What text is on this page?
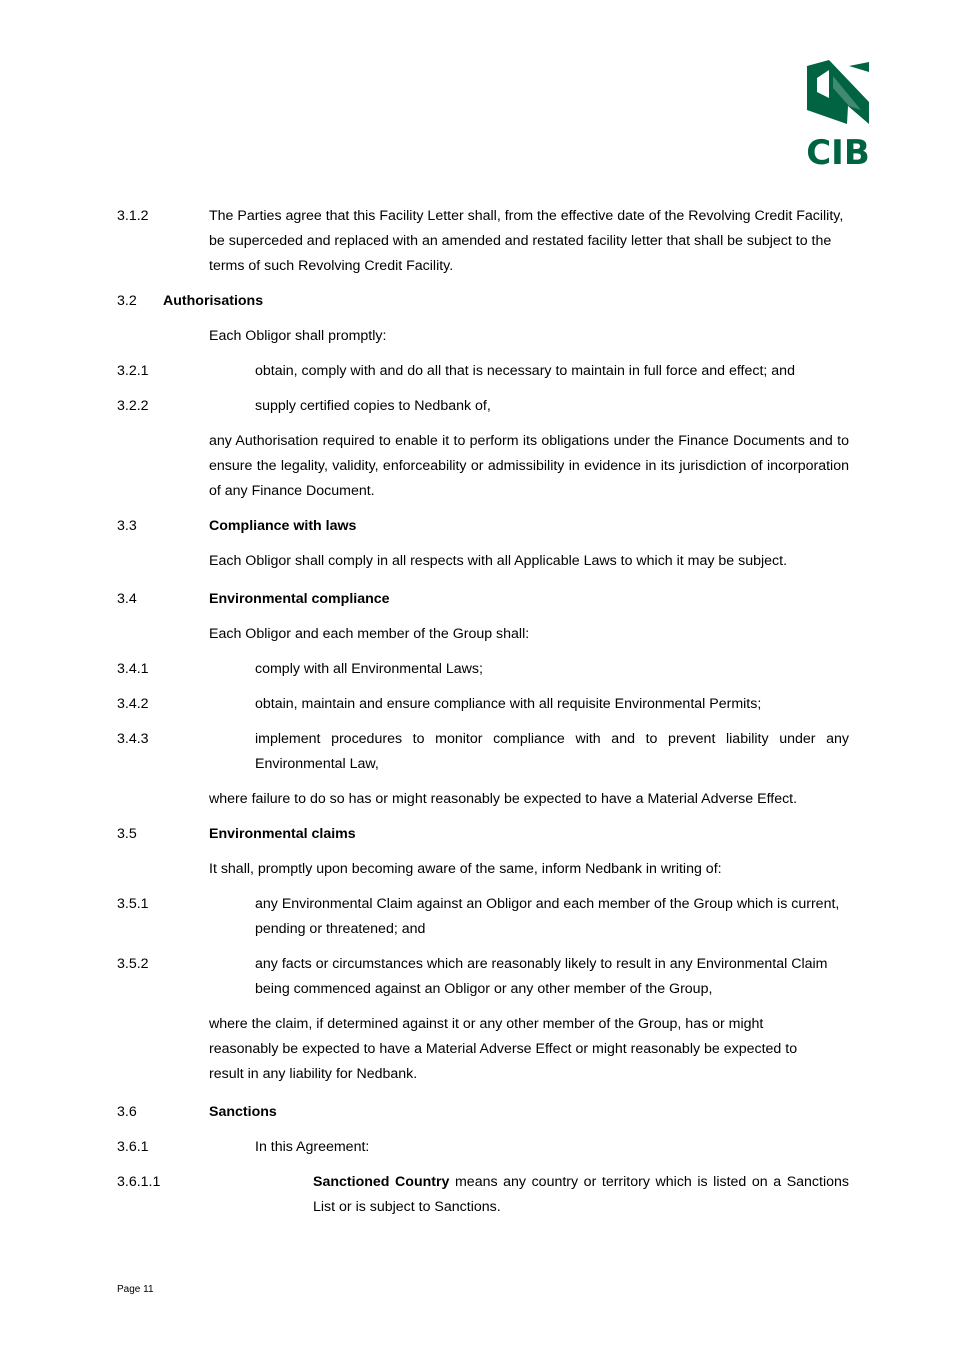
CIB
3.1.2	The Parties agree that this Facility Letter shall, from the effective date of the Revolving Credit Facility, be superceded and replaced with an amended and restated facility letter that shall be subject to the terms of such Revolving Credit Facility.
3.2 Authorisations
Each Obligor shall promptly:
3.2.1	obtain, comply with and do all that is necessary to maintain in full force and effect; and
3.2.2	supply certified copies to Nedbank of,
any Authorisation required to enable it to perform its obligations under the Finance Documents and to ensure the legality, validity, enforceability or admissibility in evidence in its jurisdiction of incorporation of any Finance Document.
3.3	Compliance with laws
Each Obligor shall comply in all respects with all Applicable Laws to which it may be subject.
3.4	Environmental compliance
Each Obligor and each member of the Group shall:
3.4.1	comply with all Environmental Laws;
3.4.2	obtain, maintain and ensure compliance with all requisite Environmental Permits;
3.4.3	implement procedures to monitor compliance with and to prevent liability under any Environmental Law,
where failure to do so has or might reasonably be expected to have a Material Adverse Effect.
3.5	Environmental claims
It shall, promptly upon becoming aware of the same, inform Nedbank in writing of:
3.5.1	any Environmental Claim against an Obligor and each member of the Group which is current, pending or threatened; and
3.5.2	any facts or circumstances which are reasonably likely to result in any Environmental Claim being commenced against an Obligor or any other member of the Group,
where the claim, if determined against it or any other member of the Group, has or might reasonably be expected to have a Material Adverse Effect or might reasonably be expected to result in any liability for Nedbank.
3.6	Sanctions
3.6.1	In this Agreement:
3.6.1.1	Sanctioned Country means any country or territory which is listed on a Sanctions List or is subject to Sanctions.
Page 11
